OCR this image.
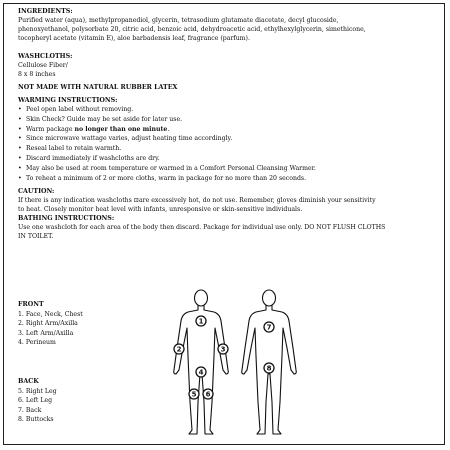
INGREDIENTS:

Purified water (aqua), methylpropanediol, glycerin, tetrasodium glutamate diacetate, decyl glucoside,

phenoxyethanol, polysorbate 20, citric acid, benzoic acid, dehydroacetic acid, ethylhexylglycerin, simethicone,

tocopheryl acetate (vitamin E), aloe barbadensis leaf, fragrance (parfum).

WASHCLOTHS:

Cellulose Fiber/

8 x 8 inches

NOT MADE WITH NATURAL RUBBER LATEX

WARMING INSTRUCTIONS:

• Peel open label without removing.
• Skin Check? Guide may be set aside for later use.
• Warm package no longer than one minute.
• Since microwave wattage varies, adjust heating time accordingly.
• Reseal label to retain warmth.
• Discard immediately if washcloths are dry.
• May also be used at room temperature or warmed in a Comfort Personal Cleansing Warmer.
• To reheat a minimum of 2 or more cloths, warm in package for no more than 20 seconds.

CAUTION:

If there is any indication washcloths ⊡are excessively hot, do not use. Remember, gloves diminish your sensitivity

to heat. Closely monitor heat level with infants, unresponsive or skin-sensitive individuals.

BATHING INSTRUCTIONS:

Use one washcloth for each area of the body then discard. Package for individual use only. DO NOT FLUSH CLOTHS

IN TOILET.

FRONT

1. Face, Neck, Chest

2. Right Arm/Axilla

3. Left Arm/Axilla

4. Perineum

BACK

5. Right Leg

6. Left Leg

7. Back

8. Buttocks

1
2	3
4
5 6
7
8
